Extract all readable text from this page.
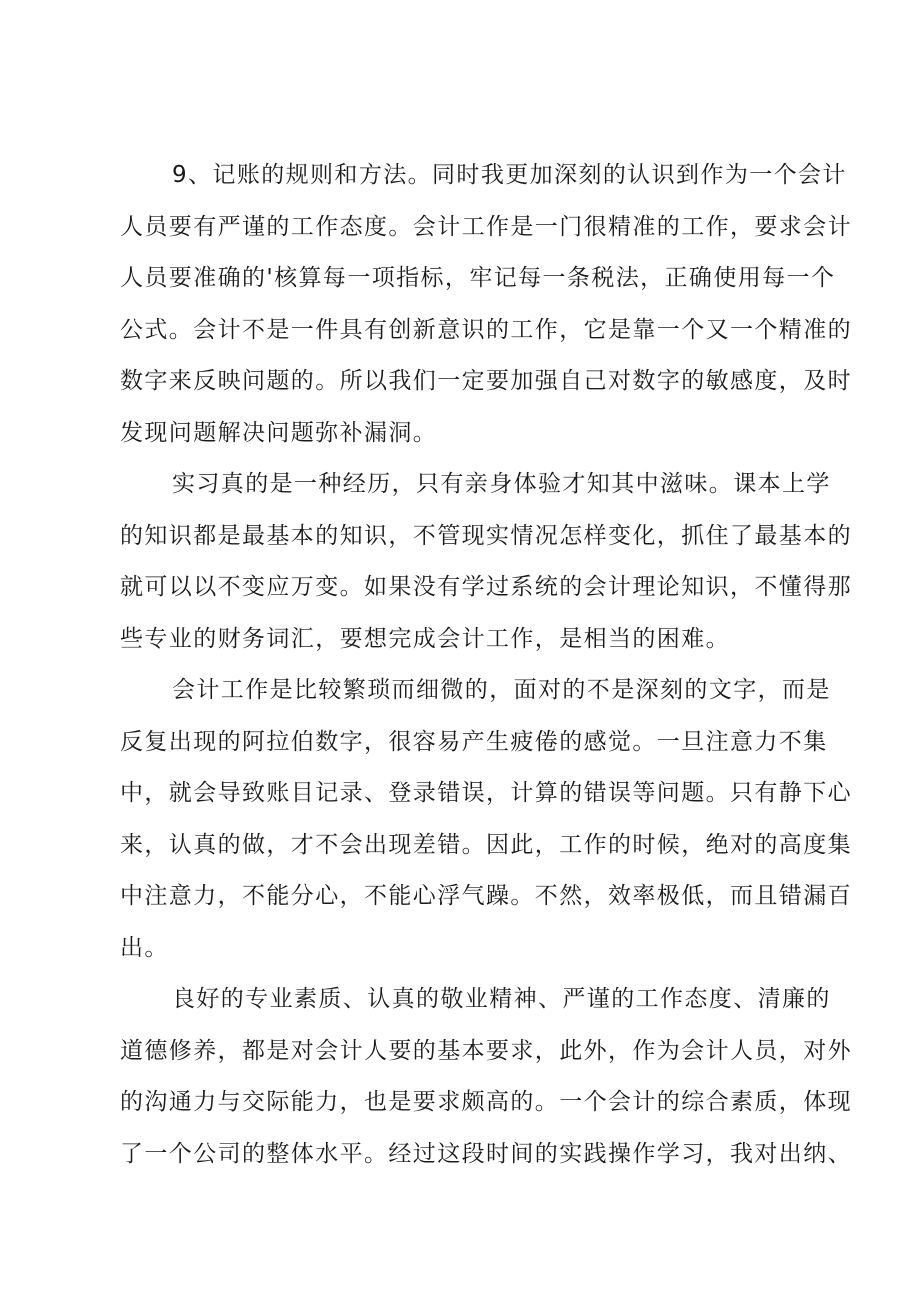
9、记账的规则和方法。同时我更加深刻的认识到作为一个会计
人员要有严谨的工作态度。会计工作是一门很精准的工作，要求会计
人员要准确的'核算每一项指标，牢记每一条税法，正确使用每一个
公式。会计不是一件具有创新意识的工作，它是靠一个又一个精准的
数字来反映问题的。所以我们一定要加强自己对数字的敏感度，及时
发现问题解决问题弥补漏洞。
实习真的是一种经历，只有亲身体验才知其中滋味。课本上学
的知识都是最基本的知识，不管现实情况怎样变化，抓住了最基本的
就可以以不变应万变。如果没有学过系统的会计理论知识，不懂得那
些专业的财务词汇，要想完成会计工作，是相当的困难。
会计工作是比较繁琐而细微的，面对的不是深刻的文字，而是
反复出现的阿拉伯数字，很容易产生疲倦的感觉。一旦注意力不集
中，就会导致账目记录、登录错误，计算的错误等问题。只有静下心
来，认真的做，才不会出现差错。因此，工作的时候，绝对的高度集
中注意力，不能分心，不能心浮气躁。不然，效率极低，而且错漏百
出。
良好的专业素质、认真的敬业精神、严谨的工作态度、清廉的
道德修养，都是对会计人要的基本要求，此外，作为会计人员，对外
的沟通力与交际能力，也是要求颇高的。一个会计的综合素质，体现
了一个公司的整体水平。经过这段时间的实践操作学习，我对出纳、
